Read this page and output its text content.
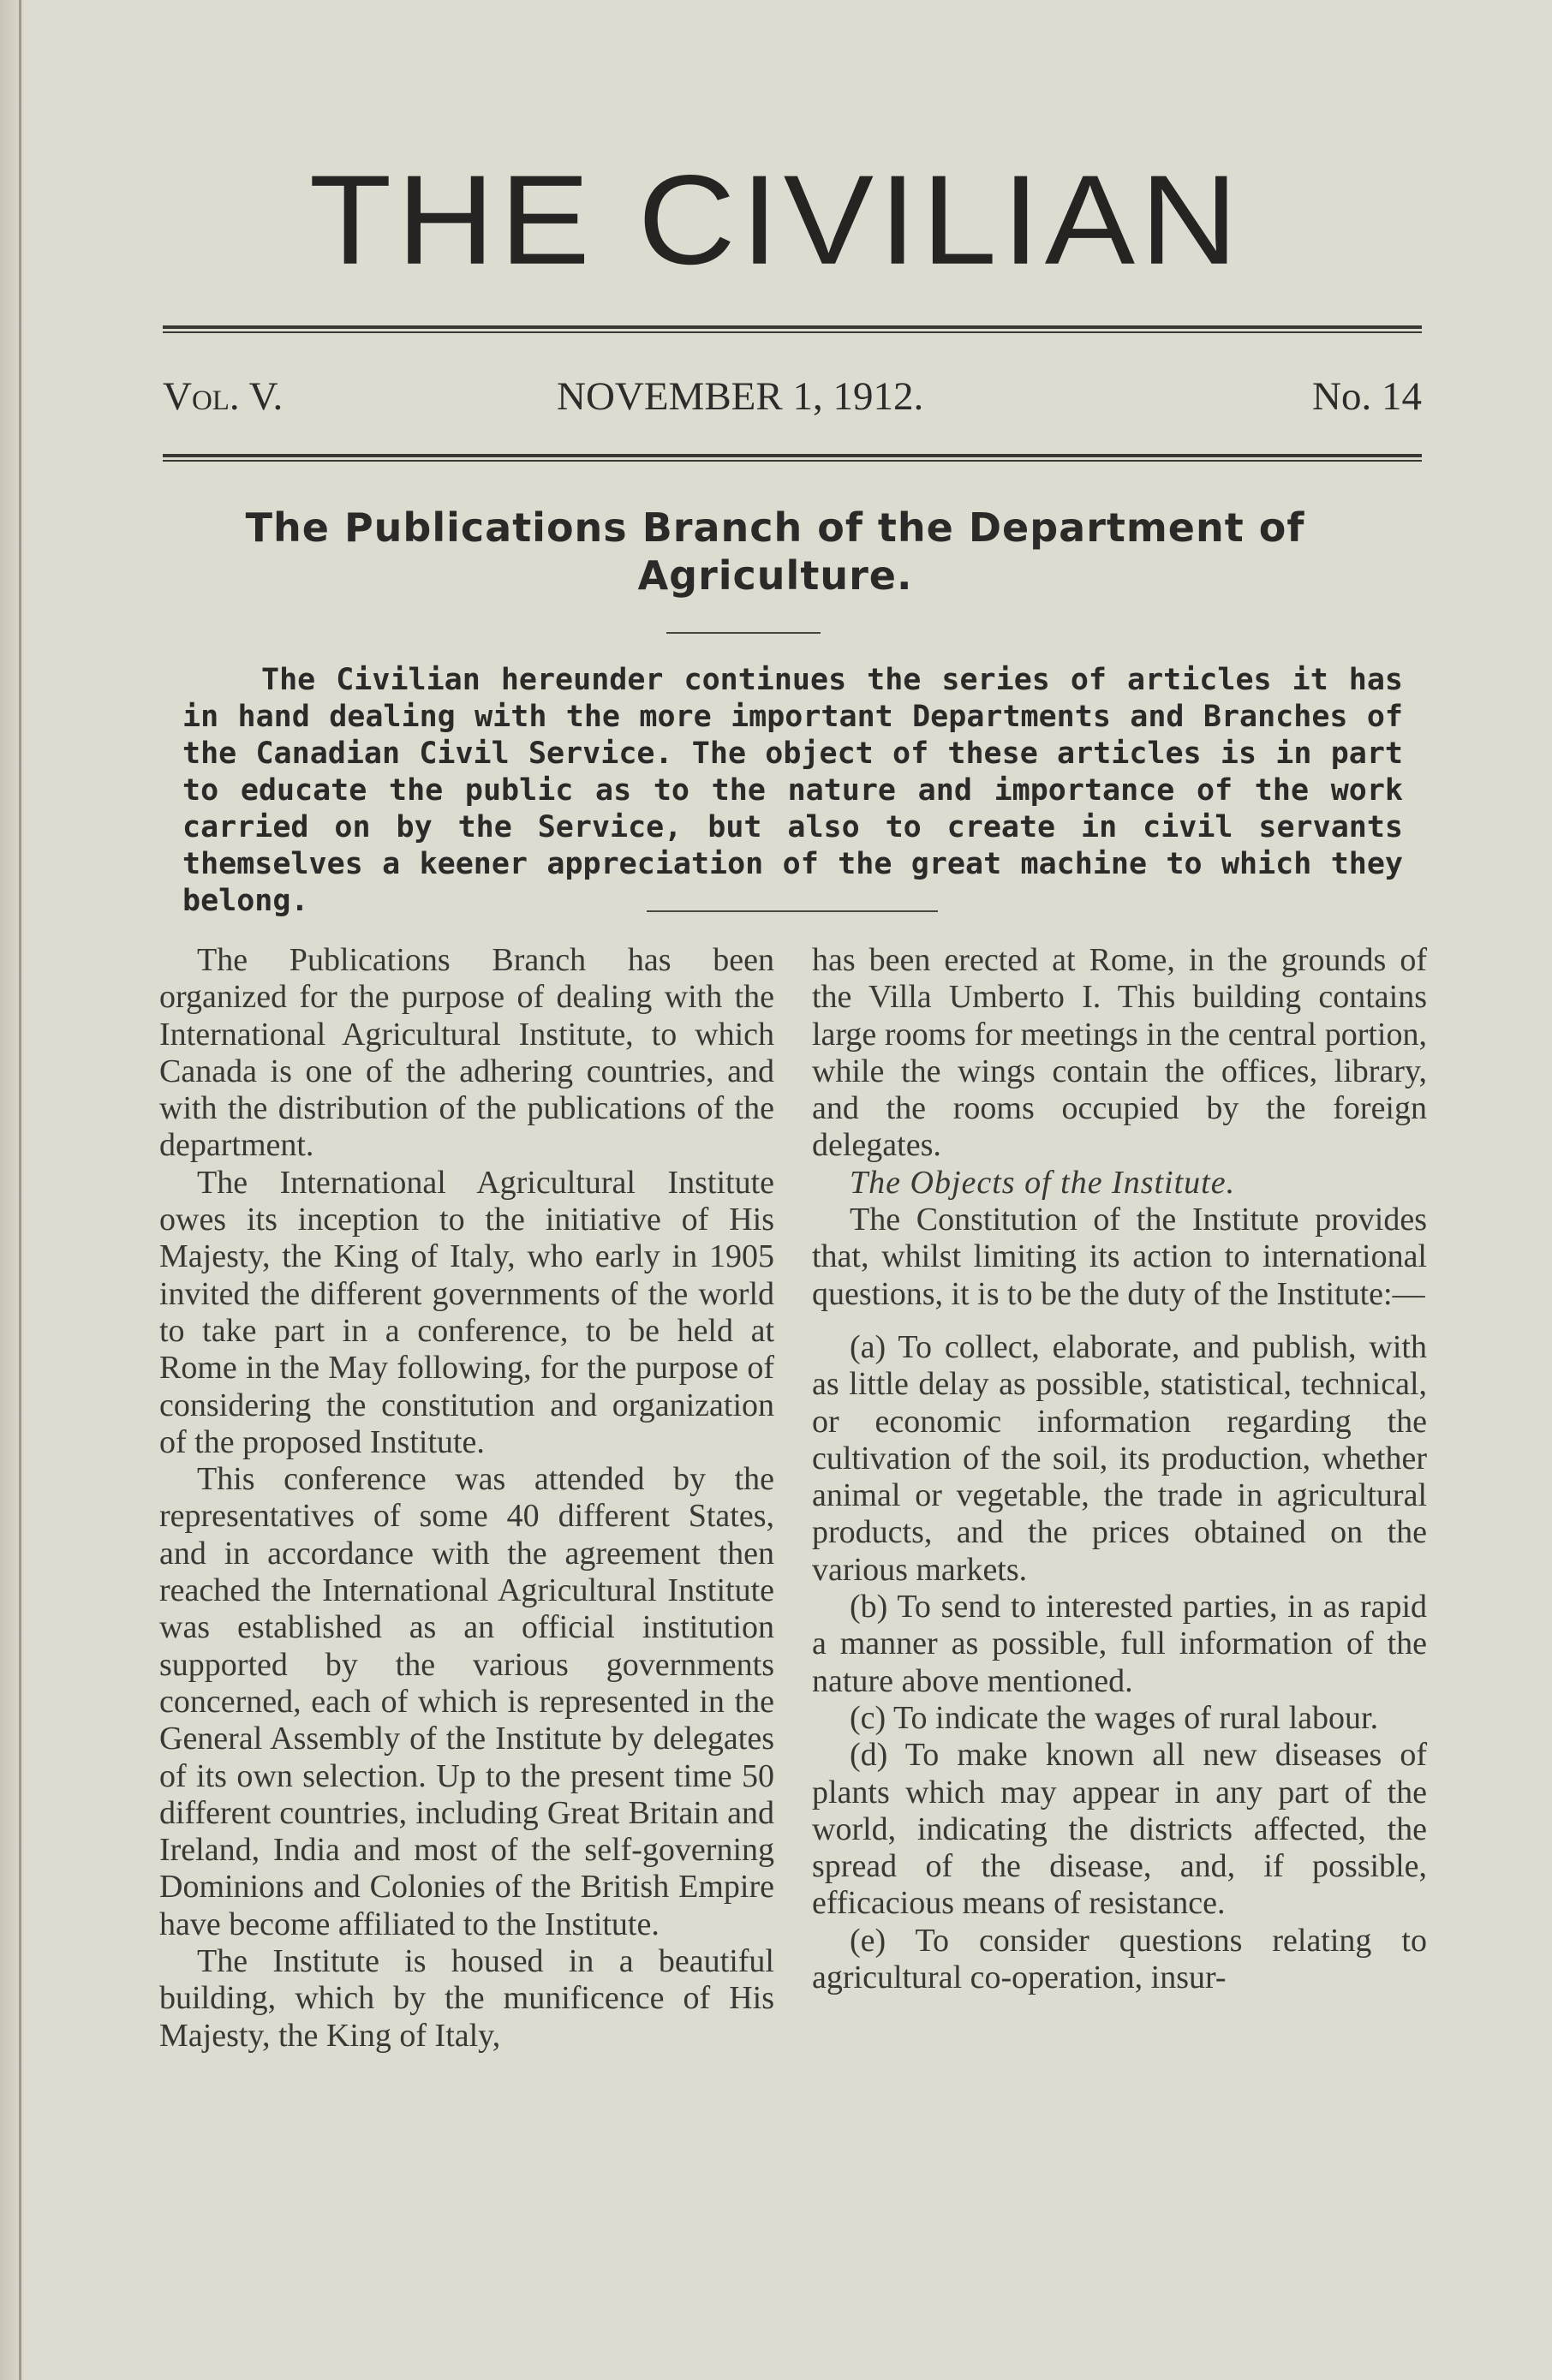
THE CIVILIAN
Vol. V.	NOVEMBER 1, 1912.	No. 14
The Publications Branch of the Department of Agriculture.

The Civilian hereunder continues the series of articles it has in hand dealing with the more important Departments and Branches of the Canadian Civil Service. The object of these articles is in part to educate the public as to the nature and importance of the work carried on by the Service, but also to create in civil servants themselves a keener appreciation of the great machine to which they belong.

The Publications Branch has been organized for the purpose of dealing with the International Agricultural Institute, to which Canada is one of the adhering countries, and with the distribution of the publications of the department.

The International Agricultural Institute owes its inception to the initiative of His Majesty, the King of Italy, who early in 1905 invited the different governments of the world to take part in a conference, to be held at Rome in the May following, for the purpose of considering the constitution and organization of the proposed Institute.

This conference was attended by the representatives of some 40 different States, and in accordance with the agreement then reached the International Agricultural Institute was established as an official institution supported by the various governments concerned, each of which is represented in the General Assembly of the Institute by delegates of its own selection. Up to the present time 50 different countries, including Great Britain and Ireland, India and most of the self-governing Dominions and Colonies of the British Empire have become affiliated to the Institute.

The Institute is housed in a beautiful building, which by the munificence of His Majesty, the King of Italy,

has been erected at Rome, in the grounds of the Villa Umberto I. This building contains large rooms for meetings in the central portion, while the wings contain the offices, library, and the rooms occupied by the foreign delegates.

The Objects of the Institute.

The Constitution of the Institute provides that, whilst limiting its action to international questions, it is to be the duty of the Institute:—

(a) To collect, elaborate, and publish, with as little delay as possible, statistical, technical, or economic information regarding the cultivation of the soil, its production, whether animal or vegetable, the trade in agricultural products, and the prices obtained on the various markets.

(b) To send to interested parties, in as rapid a manner as possible, full information of the nature above mentioned.

(c) To indicate the wages of rural labour.

(d) To make known all new diseases of plants which may appear in any part of the world, indicating the districts affected, the spread of the disease, and, if possible, efficacious means of resistance.

(e) To consider questions relating to agricultural co-operation, insur-
